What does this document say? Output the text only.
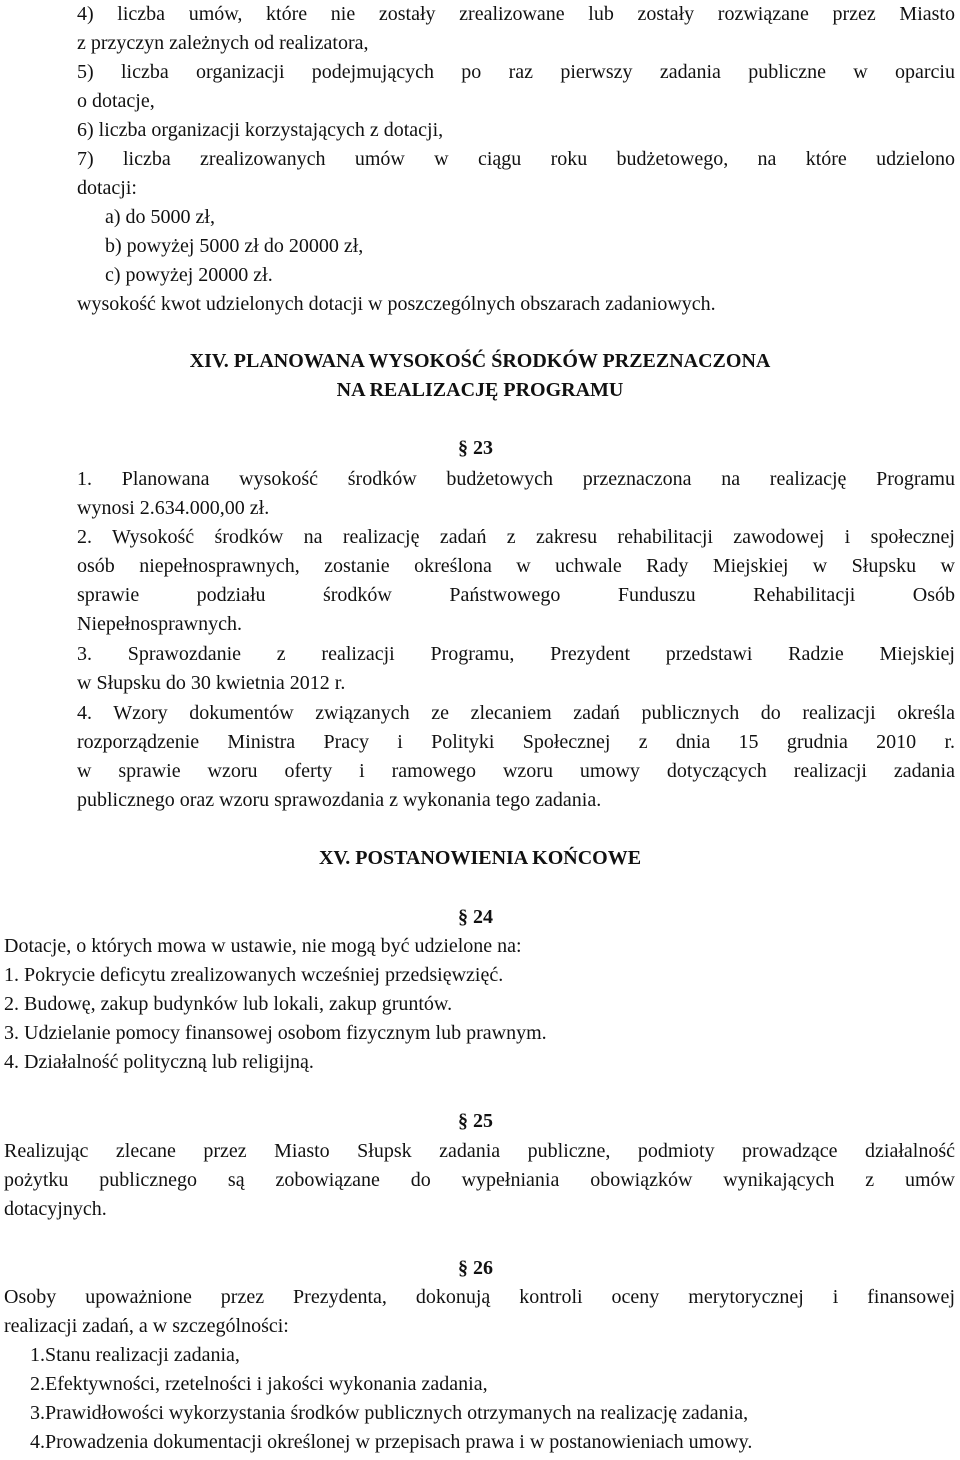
4) liczba umów, które nie zostały zrealizowane lub zostały rozwiązane przez Miasto
z przyczyn zależnych od realizatora,
5) liczba organizacji podejmujących po raz pierwszy zadania publiczne w oparciu
o dotacje,
6) liczba organizacji korzystających z dotacji,
7) liczba zrealizowanych umów w ciągu roku budżetowego, na które udzielono
dotacji:
a) do 5000 zł,
b) powyżej 5000 zł do 20000 zł,
c) powyżej 20000 zł.
wysokość kwot udzielonych dotacji w poszczególnych obszarach zadaniowych.
XIV. PLANOWANA WYSOKOŚĆ ŚRODKÓW PRZEZNACZONA
NA REALIZACJĘ PROGRAMU
§ 23
1. Planowana wysokość środków budżetowych przeznaczona na realizację Programu
wynosi 2.634.000,00 zł.
2. Wysokość środków na realizację zadań z zakresu rehabilitacji zawodowej i społecznej
osób niepełnosprawnych, zostanie określona w uchwale Rady Miejskiej w Słupsku w
sprawie podziału środków Państwowego Funduszu Rehabilitacji Osób
Niepełnosprawnych.
3. Sprawozdanie z realizacji Programu, Prezydent przedstawi Radzie Miejskiej
w Słupsku do 30 kwietnia 2012 r.
4. Wzory dokumentów związanych ze zlecaniem zadań publicznych do realizacji określa
rozporządzenie Ministra Pracy i Polityki Społecznej z dnia 15 grudnia 2010 r.
w sprawie wzoru oferty i ramowego wzoru umowy dotyczących realizacji zadania
publicznego oraz wzoru sprawozdania z wykonania tego zadania.
XV. POSTANOWIENIA KOŃCOWE
§ 24
Dotacje, o których mowa w ustawie, nie mogą być udzielone na:
1. Pokrycie deficytu zrealizowanych wcześniej przedsięwzięć.
2. Budowę, zakup budynków lub lokali, zakup gruntów.
3. Udzielanie pomocy finansowej osobom fizycznym lub prawnym.
4. Działalność polityczną lub religijną.
§ 25
Realizując zlecane przez Miasto Słupsk zadania publiczne, podmioty prowadzące działalność
pożytku publicznego są zobowiązane do wypełniania obowiązków wynikających z umów
dotacyjnych.
§ 26
Osoby upoważnione przez Prezydenta, dokonują kontroli oceny merytorycznej i finansowej
realizacji zadań, a w szczególności:
1.Stanu realizacji zadania,
2.Efektywności, rzetelności i jakości wykonania zadania,
3.Prawidłowości wykorzystania środków publicznych otrzymanych na realizację zadania,
4.Prowadzenia dokumentacji określonej w przepisach prawa i w postanowieniach umowy.
